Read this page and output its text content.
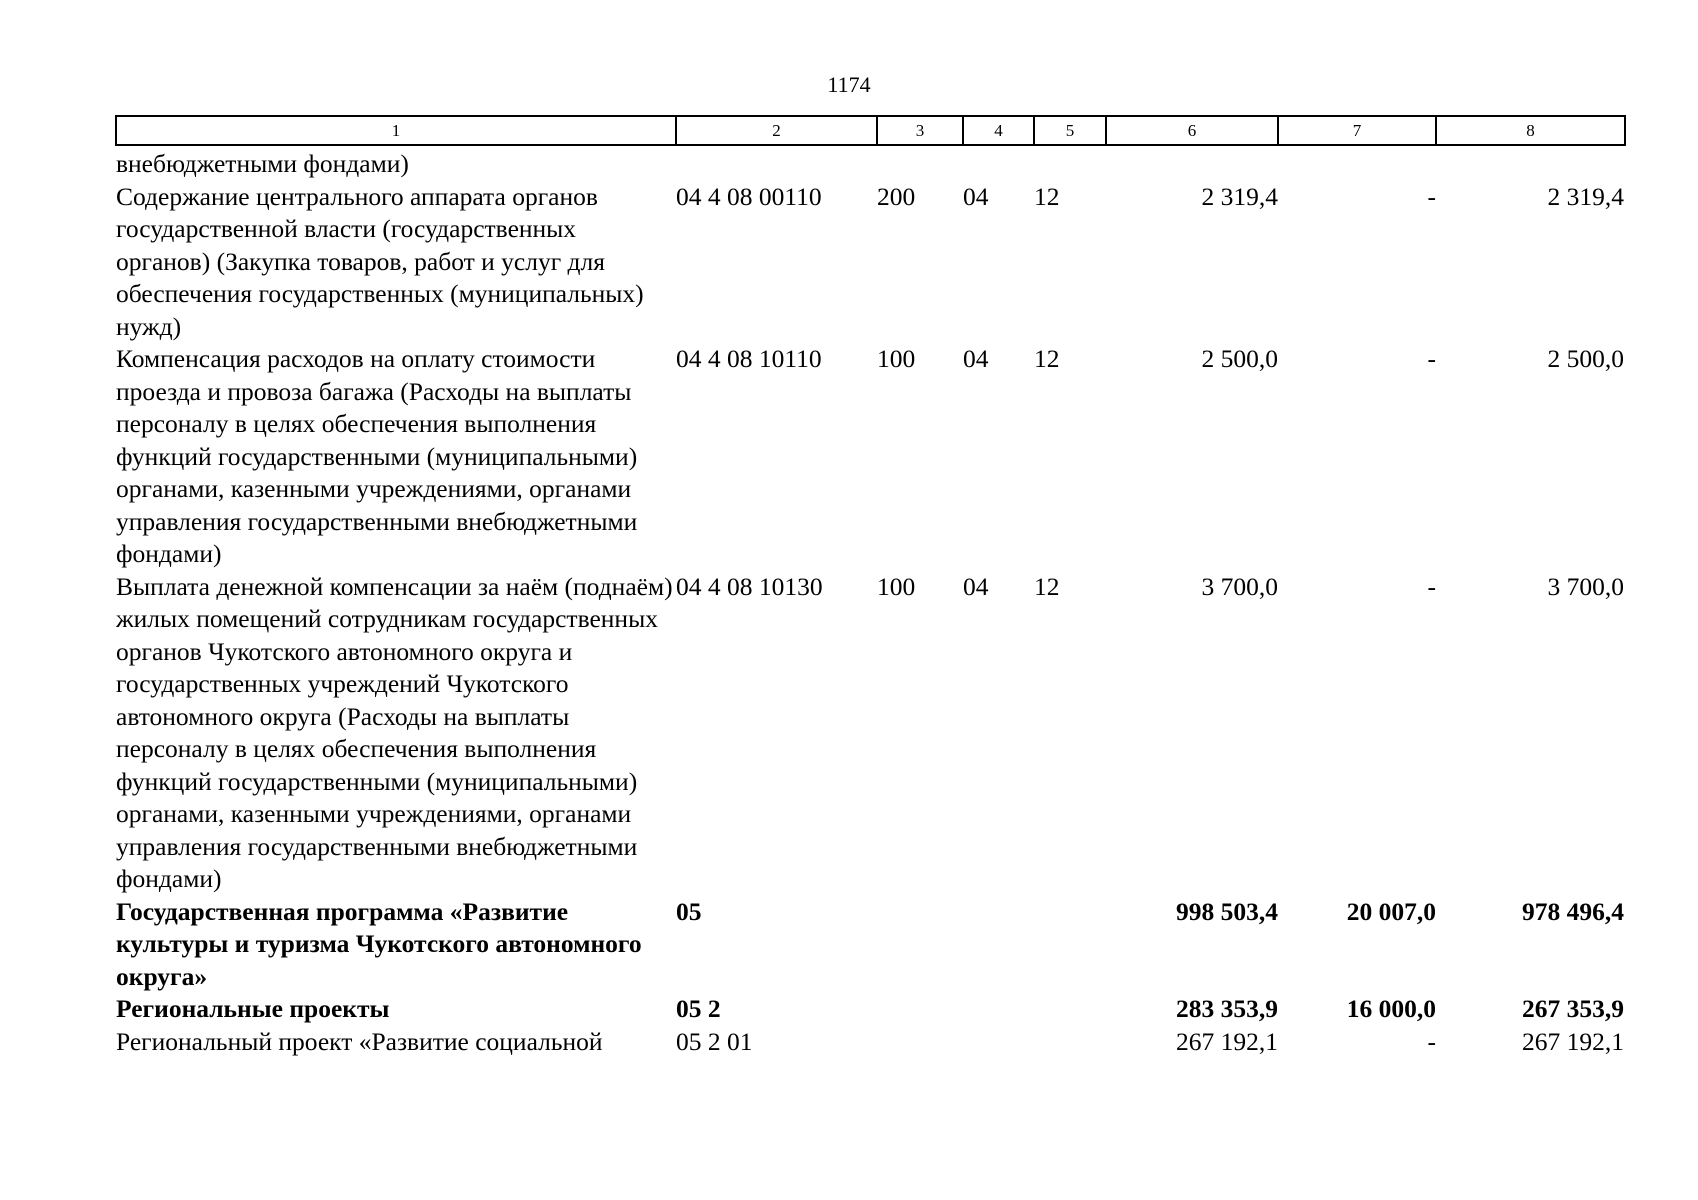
1174
1	2	3	4	5	6	7	8
внебюджетными фондами)							
Содержание центрального аппарата органов государственной власти (государственных органов) (Закупка товаров, работ и услуг для обеспечения государственных (муниципальных) нужд)	04 4 08 00110	200	04	12	2 319,4	-	2 319,4
Компенсация расходов на оплату стоимости проезда и провоза багажа (Расходы на выплаты персоналу в целях обеспечения выполнения функций государственными (муниципальными) органами, казенными учреждениями, органами управления государственными внебюджетными фондами)	04 4 08 10110	100	04	12	2 500,0	-	2 500,0
Выплата денежной компенсации за наём (поднаём) жилых помещений сотрудникам государственных органов Чукотского автономного округа и государственных учреждений Чукотского автономного округа (Расходы на выплаты персоналу в целях обеспечения выполнения функций государственными (муниципальными) органами, казенными учреждениями, органами управления государственными внебюджетными фондами)	04 4 08 10130	100	04	12	3 700,0	-	3 700,0
Государственная программа «Развитие культуры и туризма Чукотского автономного округа»	05				998 503,4	20 007,0	978 496,4
Региональные проекты	05 2				283 353,9	16 000,0	267 353,9
Региональный проект «Развитие социальной	05 2 01				267 192,1	-	267 192,1
